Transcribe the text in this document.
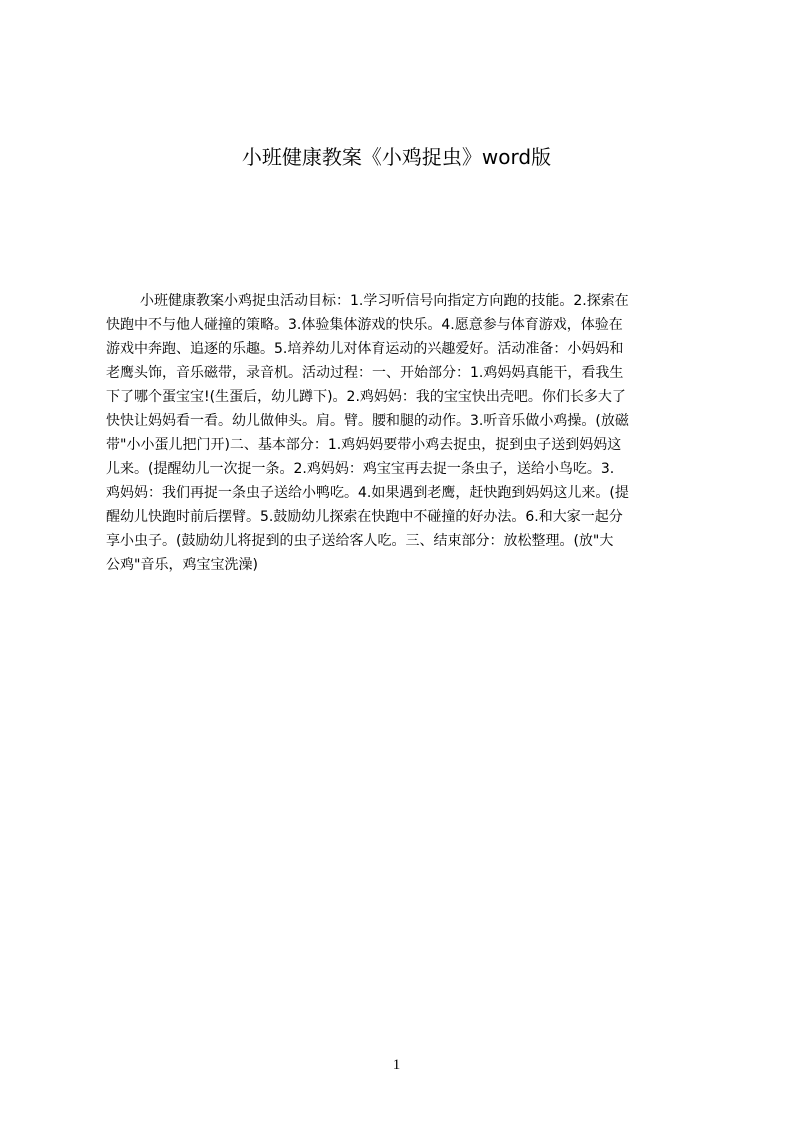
小班健康教案《小鸡捉虫》word版
小班健康教案小鸡捉虫活动目标：1.学习听信号向指定方向跑的技能。2.探索在
快跑中不与他人碰撞的策略。3.体验集体游戏的快乐。4.愿意参与体育游戏，体验在
游戏中奔跑、追逐的乐趣。5.培养幼儿对体育运动的兴趣爱好。活动准备：小妈妈和
老鹰头饰，音乐磁带，录音机。活动过程：一、开始部分：1.鸡妈妈真能干，看我生
下了哪个蛋宝宝!(生蛋后，幼儿蹲下)。2.鸡妈妈：我的宝宝快出壳吧。你们长多大了
快快让妈妈看一看。幼儿做伸头。肩。臂。腰和腿的动作。3.听音乐做小鸡操。(放磁
带"小小蛋儿把门开)二、基本部分：1.鸡妈妈要带小鸡去捉虫，捉到虫子送到妈妈这
儿来。(提醒幼儿一次捉一条。2.鸡妈妈：鸡宝宝再去捉一条虫子，送给小鸟吃。3.
鸡妈妈：我们再捉一条虫子送给小鸭吃。4.如果遇到老鹰，赶快跑到妈妈这儿来。(提
醒幼儿快跑时前后摆臂。5.鼓励幼儿探索在快跑中不碰撞的好办法。6.和大家一起分
享小虫子。(鼓励幼儿将捉到的虫子送给客人吃。三、结束部分：放松整理。(放"大
公鸡"音乐，鸡宝宝洗澡)
1
